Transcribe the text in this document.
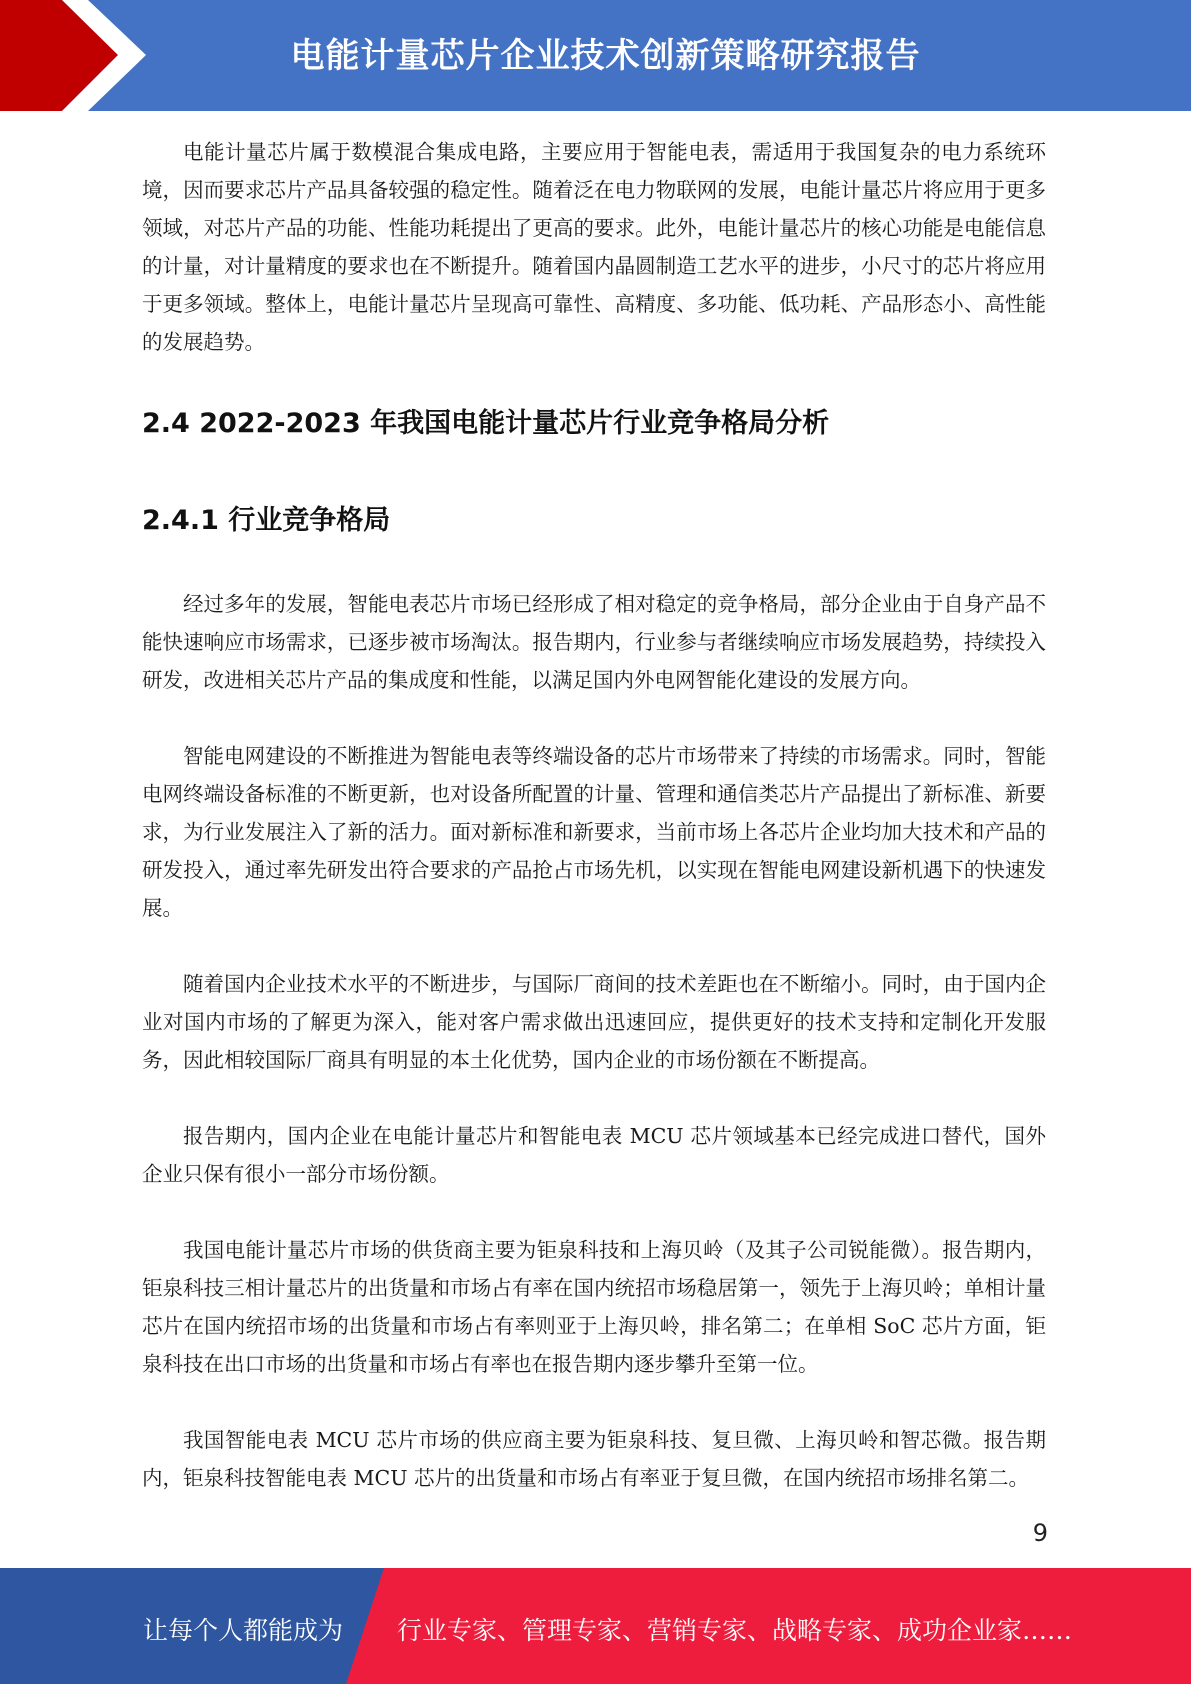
电能计量芯片企业技术创新策略研究报告

电能计量芯片属于数模混合集成电路，主要应用于智能电表，需适用于我国复杂的电力系统环境，因而要求芯片产品具备较强的稳定性。随着泛在电力物联网的发展，电能计量芯片将应用于更多领域，对芯片产品的功能、性能功耗提出了更高的要求。此外，电能计量芯片的核心功能是电能信息的计量，对计量精度的要求也在不断提升。随着国内晶圆制造工艺水平的进步，小尺寸的芯片将应用于更多领域。整体上，电能计量芯片呈现高可靠性、高精度、多功能、低功耗、产品形态小、高性能的发展趋势。

2.4 2022-2023 年我国电能计量芯片行业竞争格局分析
2.4.1 行业竞争格局

经过多年的发展，智能电表芯片市场已经形成了相对稳定的竞争格局，部分企业由于自身产品不能快速响应市场需求，已逐步被市场淘汰。报告期内，行业参与者继续响应市场发展趋势，持续投入研发，改进相关芯片产品的集成度和性能，以满足国内外电网智能化建设的发展方向。

智能电网建设的不断推进为智能电表等终端设备的芯片市场带来了持续的市场需求。同时，智能电网终端设备标准的不断更新，也对设备所配置的计量、管理和通信类芯片产品提出了新标准、新要求，为行业发展注入了新的活力。面对新标准和新要求，当前市场上各芯片企业均加大技术和产品的研发投入，通过率先研发出符合要求的产品抢占市场先机，以实现在智能电网建设新机遇下的快速发展。

随着国内企业技术水平的不断进步，与国际厂商间的技术差距也在不断缩小。同时，由于国内企业对国内市场的了解更为深入，能对客户需求做出迅速回应，提供更好的技术支持和定制化开发服务，因此相较国际厂商具有明显的本土化优势，国内企业的市场份额在不断提高。

报告期内，国内企业在电能计量芯片和智能电表 MCU 芯片领域基本已经完成进口替代，国外企业只保有很小一部分市场份额。

我国电能计量芯片市场的供货商主要为钜泉科技和上海贝岭（及其子公司锐能微）。报告期内，钜泉科技三相计量芯片的出货量和市场占有率在国内统招市场稳居第一，领先于上海贝岭；单相计量芯片在国内统招市场的出货量和市场占有率则亚于上海贝岭，排名第二；在单相 SoC 芯片方面，钜泉科技在出口市场的出货量和市场占有率也在报告期内逐步攀升至第一位。

我国智能电表 MCU 芯片市场的供应商主要为钜泉科技、复旦微、上海贝岭和智芯微。报告期内，钜泉科技智能电表 MCU 芯片的出货量和市场占有率亚于复旦微，在国内统招市场排名第二。

9
让每个人都能成为 行业专家、管理专家、营销专家、战略专家、成功企业家……
